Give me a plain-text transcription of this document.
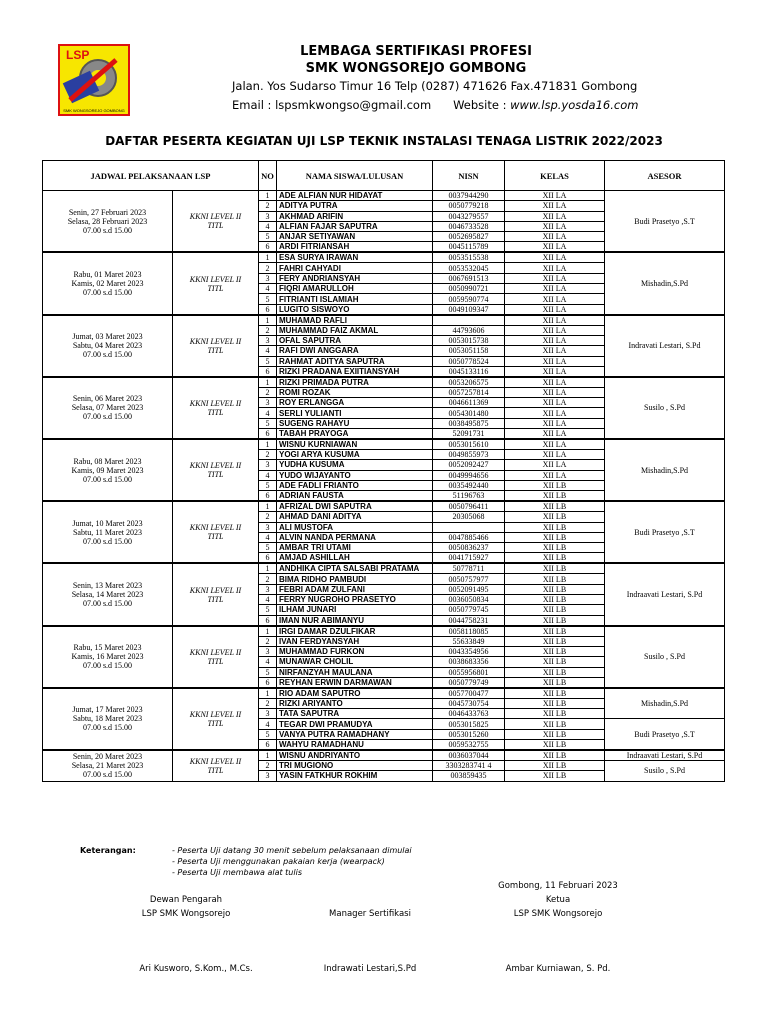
LSP
SMK WONGSOREJO GOMBONG
LEMBAGA SERTIFIKASI PROFESI
SMK WONGSOREJO GOMBONG
Jalan. Yos Sudarso Timur 16 Telp (0287) 471626 Fax.471831 Gombong
Email : lspsmkwongso@gmail.com Website : www.lsp.yosda16.com
DAFTAR PESERTA KEGIATAN UJI LSP TEKNIK INSTALASI TENAGA LISTRIK 2022/2023
JADWAL PELAKSANAAN LSP		NO	NAMA SISWA/LULUSAN	NISN	KELAS	ASESOR
Senin, 27 Februari 2023
Selasa, 28 Februari 2023
07.00 s.d 15.00	KKNI LEVEL II
TITL	1	ADE ALFIAN NUR HIDAYAT	0037944290	XII LA	Budi Prasetyo ,S.T
		2	ADITYA PUTRA	0050779218	XII LA	
		3	AKHMAD ARIFIN	0043279557	XII LA	
		4	ALFIAN FAJAR SAPUTRA	0046733528	XII LA	
		5	ANJAR SETIYAWAN	0052695827	XII LA	
		6	ARDI FITRIANSAH	0045115789	XII LA	
Rabu, 01 Maret 2023
Kamis, 02 Maret 2023
07.00 s.d 15.00	KKNI LEVEL II
TITL	1	ESA SURYA IRAWAN	0053515538	XII LA	Mishadin,S.Pd
		2	FAHRI CAHYADI	0053532045	XII LA	
		3	FERY ANDRIANSYAH	0067691513	XII LA	
		4	FIQRI AMARULLOH	0050990721	XII LA	
		5	FITRIANTI ISLAMIAH	0059590774	XII LA	
		6	LUGITO SISWOYO	0049109347	XII LA	
Jumat, 03 Maret 2023
Sabtu, 04 Maret 2023
07.00 s.d 15.00	KKNI LEVEL II
TITL	1	MUHAMAD RAFLI		XII LA	Indravati Lestari, S.Pd
		2	MUHAMMAD FAIZ AKMAL	44793606	XII LA	
		3	OFAL SAPUTRA	0053015738	XII LA	
		4	RAFI DWI ANGGARA	0053051158	XII LA	
		5	RAHMAT ADITYA SAPUTRA	0050778524	XII LA	
		6	RIZKI PRADANA EXIITIANSYAH	0045133116	XII LA	
Senin, 06 Maret 2023
Selasa, 07 Maret 2023
07.00 s.d 15.00	KKNI LEVEL II
TITL	1	RIZKI PRIMADA PUTRA	0053206575	XII LA	Susilo , S.Pd
		2	ROMI ROZAK	0057257814	XII LA	
		3	ROY ERLANGGA	0046611369	XII LA	
		4	SERLI YULIANTI	0054301480	XII LA	
		5	SUGENG RAHAYU	0038495875	XII LA	
		6	TABAH PRAYOGA	52091731	XII LA	
Rabu, 08 Maret 2023
Kamis, 09 Maret 2023
07.00 s.d 15.00	KKNI LEVEL II
TITL	1	WISNU KURNIAWAN	0053015610	XII LA	Mishadin,S.Pd
		2	YOGI ARYA KUSUMA	0049855973	XII LA	
		3	YUDHA KUSUMA	0052092427	XII LA	
		4	YUDO WIJAYANTO	0049994656	XII LA	
		5	ADE FADLI FRIANTO	0035492440	XII LB	
		6	ADRIAN FAUSTA	51196763	XII LB	
Jumat, 10 Maret 2023
Sabtu, 11 Maret 2023
07.00 s.d 15.00	KKNI LEVEL II
TITL	1	AFRIZAL DWI SAPUTRA	0050796411	XII LB	Budi Prasetyo ,S.T
		2	AHMAD DANI ADITYA	20305068	XII LB	
		3	ALI MUSTOFA		XII LB	
		4	ALVIN NANDA PERMANA	0047885466	XII LB	
		5	AMBAR TRI UTAMI	0050836237	XII LB	
		6	AMJAD ASHILLAH	0041715927	XII LB	
Senin, 13 Maret 2023
Selasa, 14 Maret 2023
07.00 s.d 15.00	KKNI LEVEL II
TITL	1	ANDHIKA CIPTA SALSABI PRATAMA	50778711	XII LB	Indraavati Lestari, S.Pd
		2	BIMA RIDHO PAMBUDI	0050757977	XII LB	
		3	FEBRI ADAM ZULFANI	0052091495	XII LB	
		4	FERRY NUGROHO PRASETYO	0036050834	XII LB	
		5	ILHAM JUNARI	0050779745	XII LB	
		6	IMAN NUR ABIMANYU	0044758231	XII LB	
Rabu, 15 Maret 2023
Kamis, 16 Maret 2023
07.00 s.d 15.00	KKNI LEVEL II
TITL	1	IRGI DAMAR DZULFIKAR	0058118085	XII LB	Susilo , S.Pd
		2	IVAN FERDYANSYAH	55633849	XII LB	
		3	MUHAMMAD FURKON	0043354956	XII LB	
		4	MUNAWAR CHOLIL	0038683356	XII LB	
		5	NIRFANZYAH MAULANA	0055956801	XII LB	
		6	REYHAN ERWIN DARMAWAN	0050779749	XII LB	
Jumat, 17 Maret 2023
Sabtu, 18 Maret 2023
07.00 s.d 15.00	KKNI LEVEL II
TITL	1	RIO ADAM SAPUTRO	0057700477	XII LB	Mishadin,S.Pd
		2	RIZKI ARIYANTO	0045730754	XII LB	
		3	TATA SAPUTRA	0046433763	XII LB	
		4	TEGAR DWI PRAMUDYA	0053015825	XII LB	Budi Prasetyo ,S.T
		5	VANYA PUTRA RAMADHANY	0053015260	XII LB	
		6	WAHYU RAMADHANU	0059532755	XII LB	
Senin, 20 Maret 2023
Selasa, 21 Maret 2023
07.00 s.d 15.00	KKNI LEVEL II
TITL	1	WISNU ANDRIYANTO	0036037044	XII LB	Indraavati Lestari, S.Pd
		2	TRI MUGIONO	3303283741 4	XII LB	Susilo , S.Pd
		3	YASIN FATKHUR ROKHIM	003859435	XII LB	
Keterangan:	- Peserta Uji datang 30 menit sebelum pelaksanaan dimulai
- Peserta Uji menggunakan pakaian kerja (wearpack)
- Peserta Uji membawa alat tulis
Gombong, 11 Februari 2023
Dewan Pengarah
LSP SMK Wongsorejo	Manager Sertifikasi
Ketua
LSP SMK Wongsorejo
Ari Kusworo, S.Kom., M.Cs.	Indrawati Lestari,S.Pd	Ambar Kurniawan, S. Pd.
